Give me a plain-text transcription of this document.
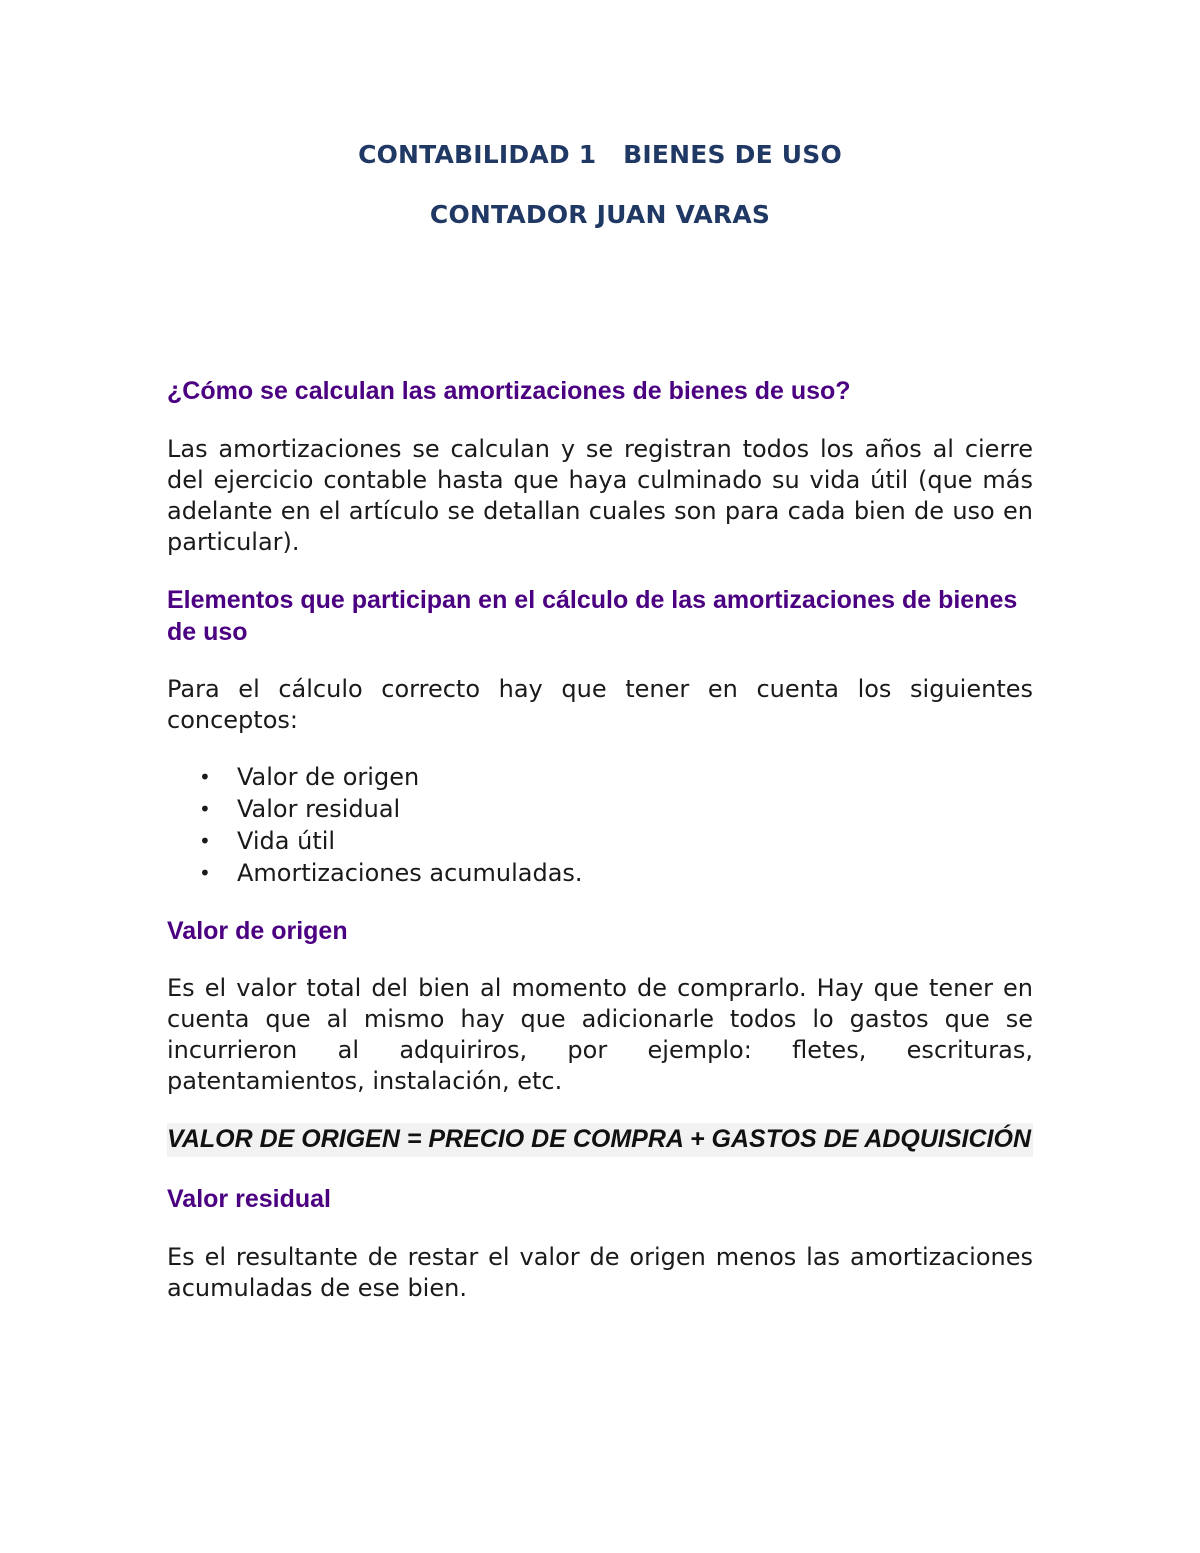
CONTABILIDAD 1   BIENES DE USO
CONTADOR JUAN VARAS
¿Cómo se calculan las amortizaciones de bienes de uso?

Las amortizaciones se calculan y se registran todos los años al cierre del ejercicio contable hasta que haya culminado su vida útil (que más adelante en el artículo se detallan cuales son para cada bien de uso en particular).

Elementos que participan en el cálculo de las amortizaciones de bienes de uso

Para el cálculo correcto hay que tener en cuenta los siguientes conceptos:

• Valor de origen
• Valor residual
• Vida útil
• Amortizaciones acumuladas.
Valor de origen

Es el valor total del bien al momento de comprarlo. Hay que tener en cuenta que al mismo hay que adicionarle todos lo gastos que se incurrieron al adquiriros, por ejemplo: fletes, escrituras, patentamientos, instalación, etc.

VALOR DE ORIGEN = PRECIO DE COMPRA + GASTOS DE ADQUISICIÓN

Valor residual

Es el resultante de restar el valor de origen menos las amortizaciones acumuladas de ese bien.
